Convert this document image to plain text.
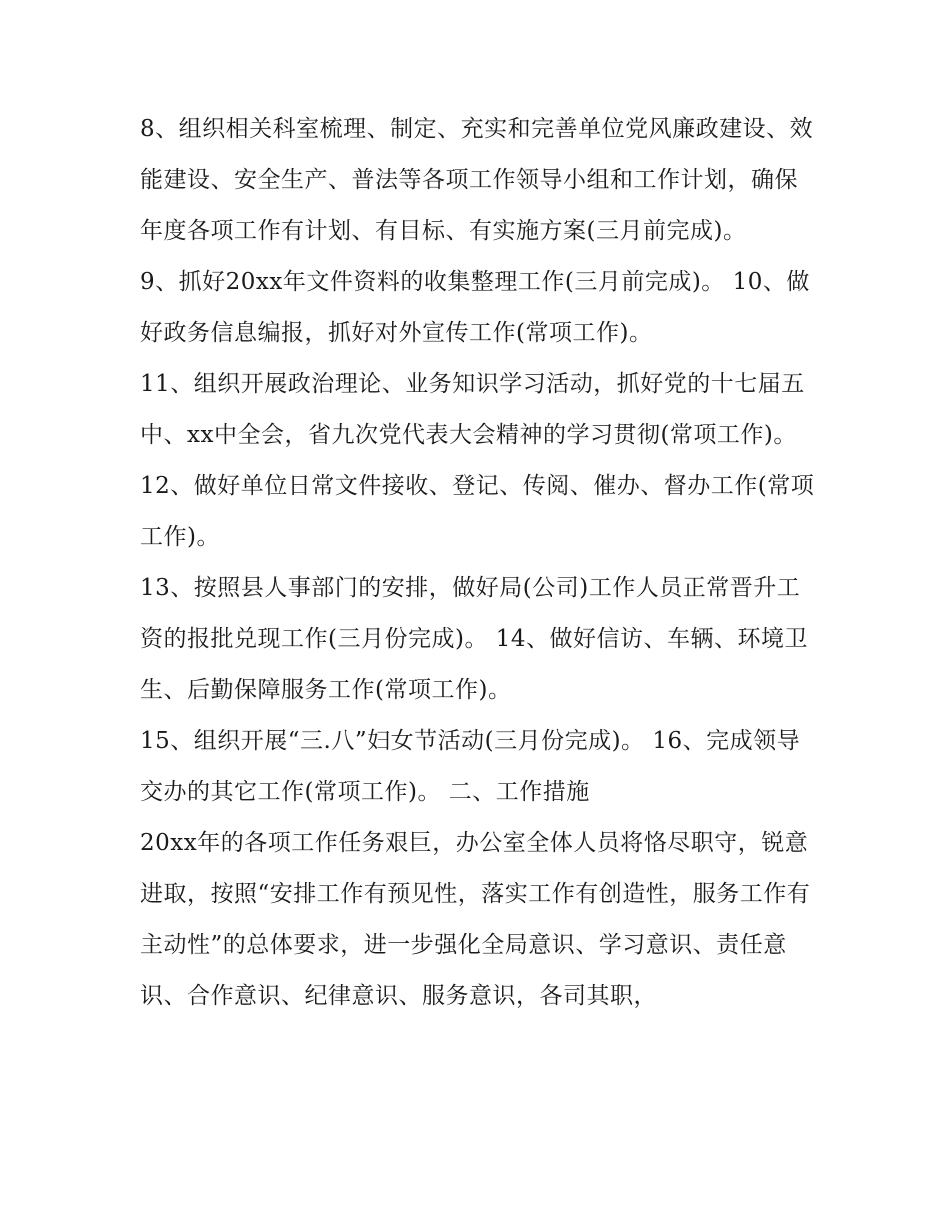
8、组织相关科室梳理、制定、充实和完善单位党风廉政建设、效能建设、安全生产、普法等各项工作领导小组和工作计划，确保年度各项工作有计划、有目标、有实施方案(三月前完成)。

9、抓好20xx年文件资料的收集整理工作(三月前完成)。 10、做好政务信息编报，抓好对外宣传工作(常项工作)。

11、组织开展政治理论、业务知识学习活动，抓好党的十七届五中、xx中全会，省九次党代表大会精神的学习贯彻(常项工作)。

12、做好单位日常文件接收、登记、传阅、催办、督办工作(常项工作)。

13、按照县人事部门的安排，做好局(公司)工作人员正常晋升工资的报批兑现工作(三月份完成)。 14、做好信访、车辆、环境卫生、后勤保障服务工作(常项工作)。

15、组织开展“三.八”妇女节活动(三月份完成)。 16、完成领导交办的其它工作(常项工作)。 二、工作措施

20xx年的各项工作任务艰巨，办公室全体人员将恪尽职守，锐意进取，按照“安排工作有预见性，落实工作有创造性，服务工作有主动性”的总体要求，进一步强化全局意识、学习意识、责任意识、合作意识、纪律意识、服务意识，各司其职，
